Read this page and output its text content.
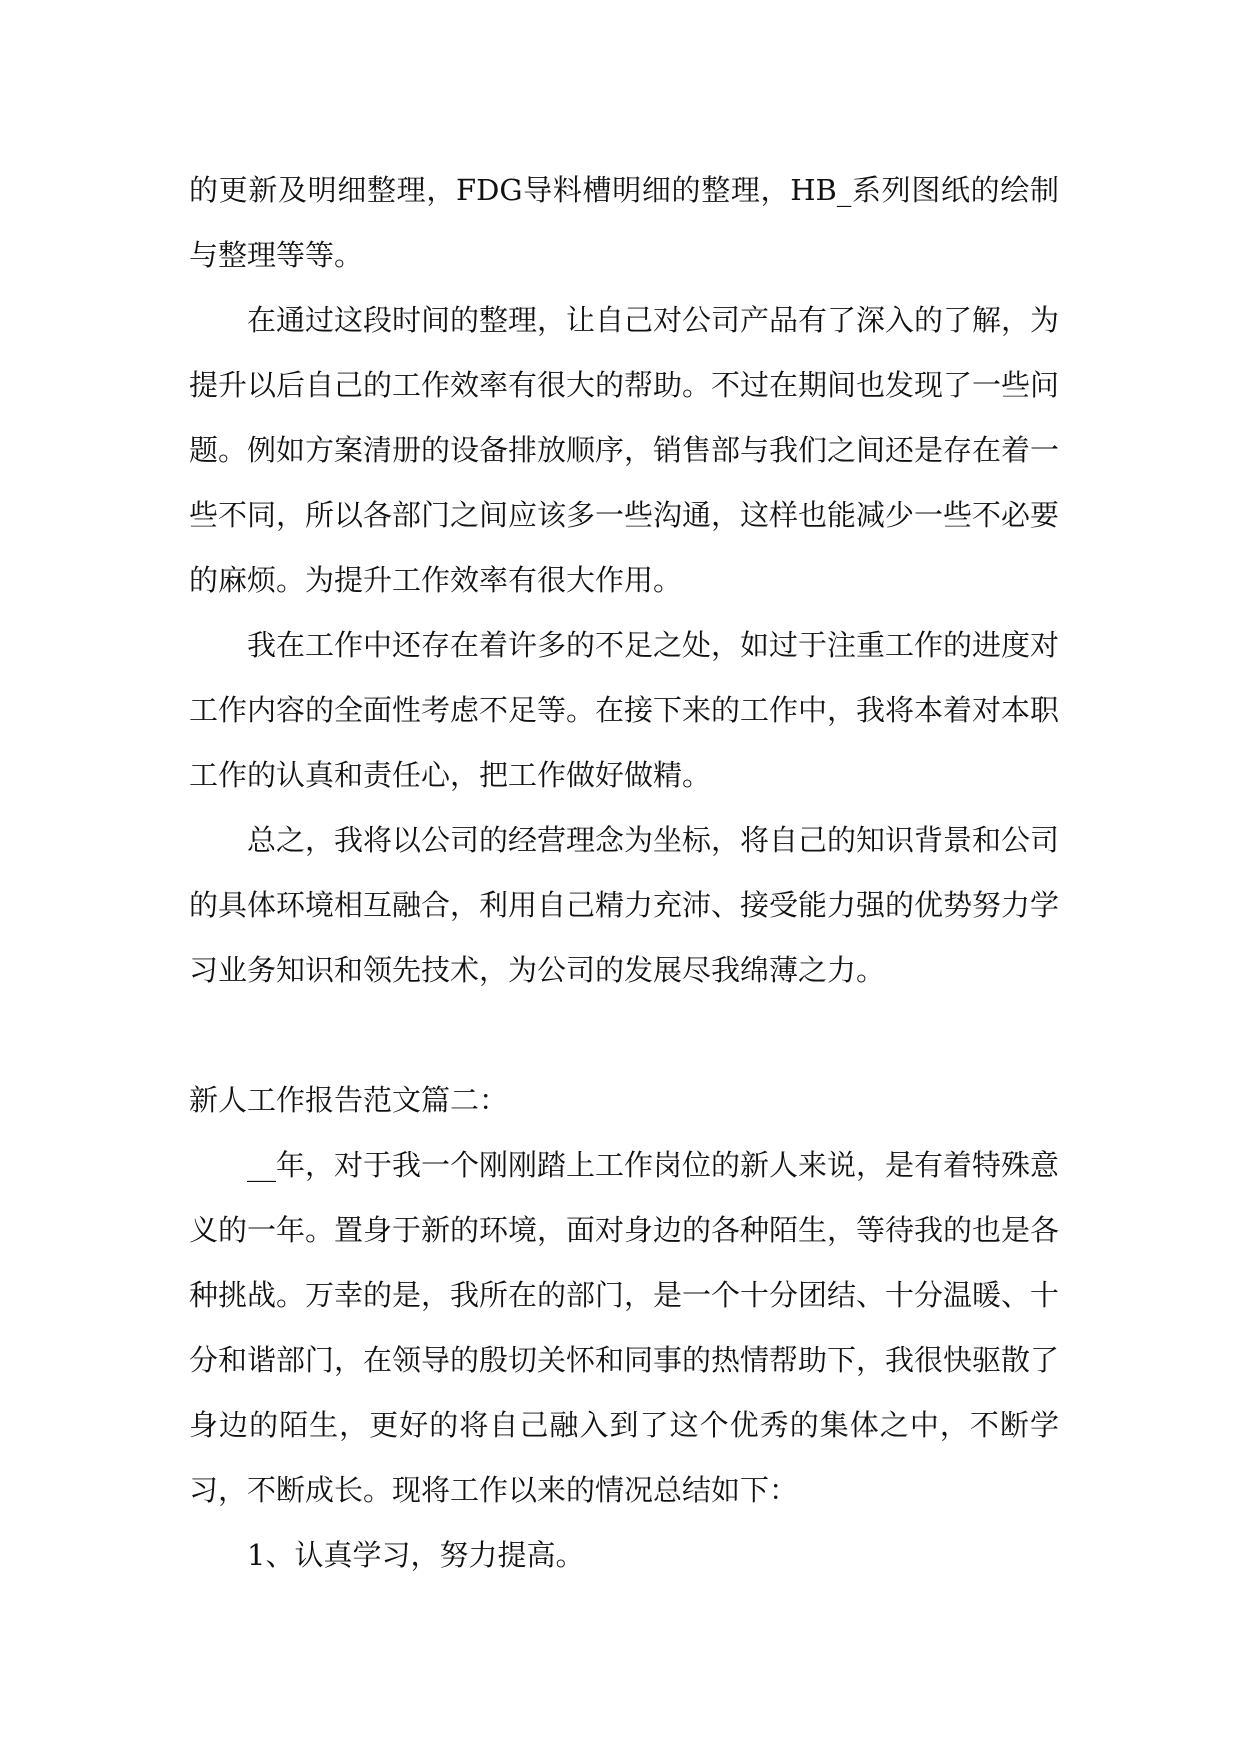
的更新及明细整理，FDG导料槽明细的整理，HB_系列图纸的绘制与整理等等。

在通过这段时间的整理，让自己对公司产品有了深入的了解，为提升以后自己的工作效率有很大的帮助。不过在期间也发现了一些问题。例如方案清册的设备排放顺序，销售部与我们之间还是存在着一些不同，所以各部门之间应该多一些沟通，这样也能减少一些不必要的麻烦。为提升工作效率有很大作用。

我在工作中还存在着许多的不足之处，如过于注重工作的进度对工作内容的全面性考虑不足等。在接下来的工作中，我将本着对本职工作的认真和责任心，把工作做好做精。

总之，我将以公司的经营理念为坐标，将自己的知识背景和公司的具体环境相互融合，利用自己精力充沛、接受能力强的优势努力学习业务知识和领先技术，为公司的发展尽我绵薄之力。

新人工作报告范文篇二：

__年，对于我一个刚刚踏上工作岗位的新人来说，是有着特殊意义的一年。置身于新的环境，面对身边的各种陌生，等待我的也是各种挑战。万幸的是，我所在的部门，是一个十分团结、十分温暖、十分和谐部门，在领导的殷切关怀和同事的热情帮助下，我很快驱散了身边的陌生，更好的将自己融入到了这个优秀的集体之中，不断学习，不断成长。现将工作以来的情况总结如下：

1、认真学习，努力提高。
